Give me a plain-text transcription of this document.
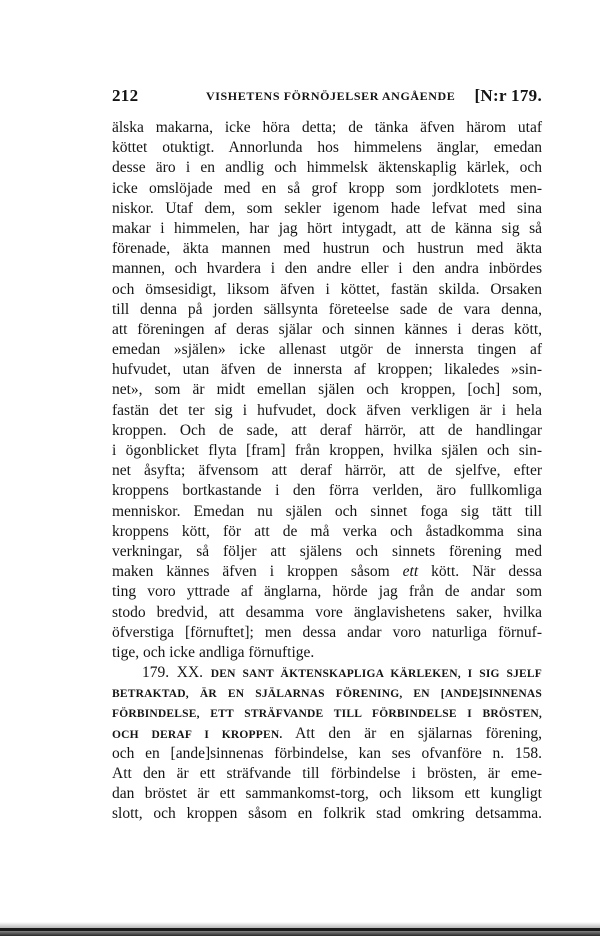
212	VISHETENS FÖRNÖJELSER ANGÅENDE [N:r 179.
älska makarna, icke höra detta; de tänka äfven härom utaf
köttet otuktigt. Annorlunda hos himmelens änglar, emedan
desse äro i en andlig och himmelsk äktenskaplig kärlek, och
icke omslöjade med en så grof kropp som jordklotets men-
niskor. Utaf dem, som sekler igenom hade lefvat med sina
makar i himmelen, har jag hört intygadt, att de känna sig så
förenade, äkta mannen med hustrun och hustrun med äkta
mannen, och hvardera i den andre eller i den andra inbördes
och ömsesidigt, liksom äfven i köttet, fastän skilda. Orsaken
till denna på jorden sällsynta företeelse sade de vara denna,
att föreningen af deras själar och sinnen kännes i deras kött,
emedan »själen» icke allenast utgör de innersta tingen af
hufvudet, utan äfven de innersta af kroppen; likaledes »sin-
net», som är midt emellan själen och kroppen, [och] som,
fastän det ter sig i hufvudet, dock äfven verkligen är i hela
kroppen. Och de sade, att deraf härrör, att de handlingar
i ögonblicket flyta [fram] från kroppen, hvilka själen och sin-
net åsyfta; äfvensom att deraf härrör, att de sjelfve, efter
kroppens bortkastande i den förra verlden, äro fullkomliga
menniskor. Emedan nu själen och sinnet foga sig tätt till
kroppens kött, för att de må verka och åstadkomma sina
verkningar, så följer att själens och sinnets förening med
maken kännes äfven i kroppen såsom ett kött. När dessa
ting voro yttrade af änglarna, hörde jag från de andar som
stodo bredvid, att desamma vore änglavishetens saker, hvilka
öfverstiga [förnuftet]; men dessa andar voro naturliga förnuf-
tige, och icke andliga förnuftige.
179. XX. DEN SANT ÄKTENSKAPLIGA KÄRLEKEN, I SIG SJELF
BETRAKTAD, ÄR EN SJÄLARNAS FÖRENING, EN [ANDE]SINNENAS
FÖRBINDELSE, ETT STRÄFVANDE TILL FÖRBINDELSE I BRÖSTEN,
OCH DERAF I KROPPEN. Att den är en själarnas förening,
och en [ande]sinnenas förbindelse, kan ses ofvanföre n. 158.
Att den är ett sträfvande till förbindelse i brösten, är eme-
dan bröstet är ett sammankomst-torg, och liksom ett kungligt
slott, och kroppen såsom en folkrik stad omkring detsamma.
